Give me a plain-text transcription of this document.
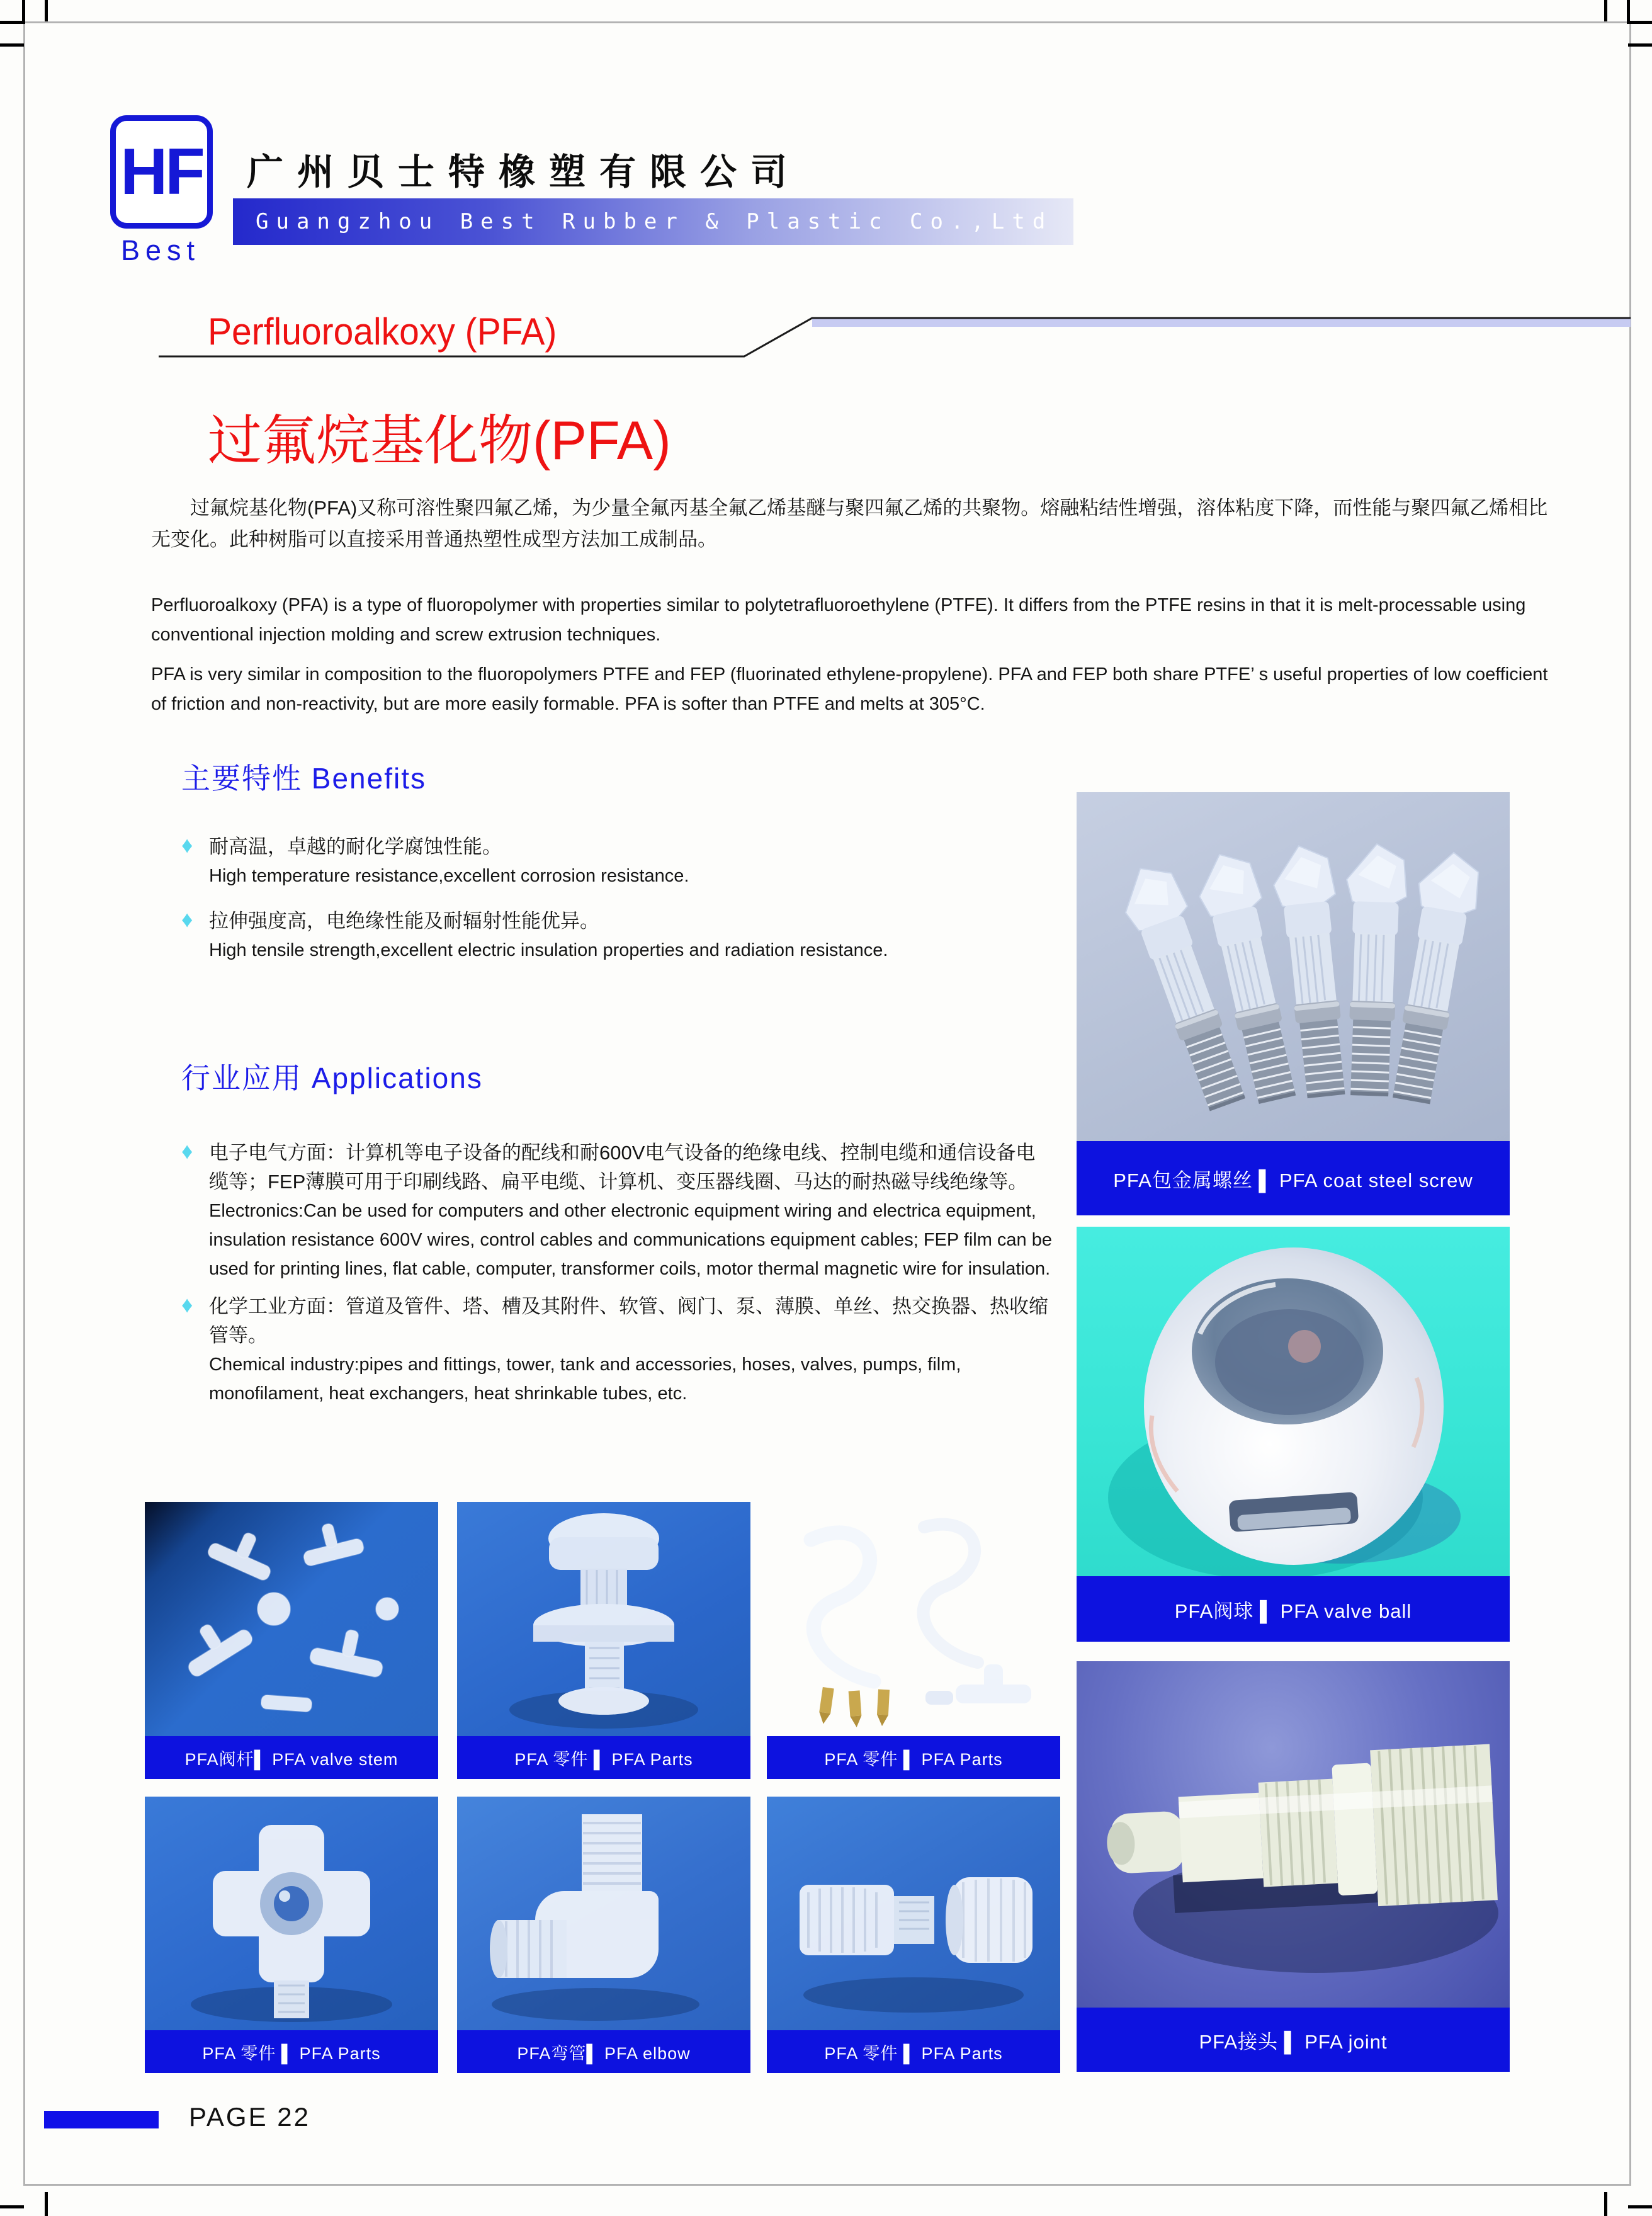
HF
Best
广州贝士特橡塑有限公司
Guangzhou Best Rubber & Plastic Co.,Ltd
Perfluoroalkoxy (PFA)
过氟烷基化物(PFA)
过氟烷基化物(PFA)又称可溶性聚四氟乙烯，为少量全氟丙基全氟乙烯基醚与聚四氟乙烯的共聚物。熔融粘结性增强，溶体粘度下降，而性能与聚四氟乙烯相比无变化。此种树脂可以直接采用普通热塑性成型方法加工成制品。
Perfluoroalkoxy (PFA) is a type of fluoropolymer with properties similar to polytetrafluoroethylene (PTFE). It differs from the PTFE resins in that it is melt-processable using conventional injection molding and screw extrusion techniques.
PFA is very similar in composition to the fluoropolymers PTFE and FEP (fluorinated ethylene-propylene). PFA and FEP both share PTFE’ s useful properties of low coefficient of friction and non-reactivity, but are more easily formable. PFA is softer than PTFE and melts at 305°C.
主要特性 Benefits
♦ 耐高温，卓越的耐化学腐蚀性能。
High temperature resistance,excellent corrosion resistance.
♦ 拉伸强度高，电绝缘性能及耐辐射性能优异。
High tensile strength,excellent electric insulation properties and radiation resistance.
行业应用 Applications
♦ 电子电气方面：计算机等电子设备的配线和耐600V电气设备的绝缘电线、控制电缆和通信设备电缆等；FEP薄膜可用于印刷线路、扁平电缆、计算机、变压器线圈、马达的耐热磁导线绝缘等。
Electronics:Can be used for computers and other electronic equipment wiring and electrica equipment, insulation resistance 600V wires, control cables and communications equipment cables; FEP film can be used for printing lines, flat cable, computer, transformer coils, motor thermal magnetic wire for insulation.
♦ 化学工业方面：管道及管件、塔、槽及其附件、软管、阀门、泵、薄膜、单丝、热交换器、热收缩管等。
Chemical industry:pipes and fittings, tower, tank and accessories, hoses, valves, pumps, film, monofilament, heat exchangers, heat shrinkable tubes, etc.
PFA包金属螺丝 ▌ PFA coat steel screw
PFA阀球 ▌ PFA valve ball
PFA接头 ▌ PFA joint
PFA阀杆▌ PFA valve stem	PFA 零件 ▌ PFA Parts	PFA 零件 ▌ PFA Parts
PFA 零件 ▌ PFA Parts	PFA弯管▌ PFA elbow	PFA 零件 ▌ PFA Parts
PAGE 22
